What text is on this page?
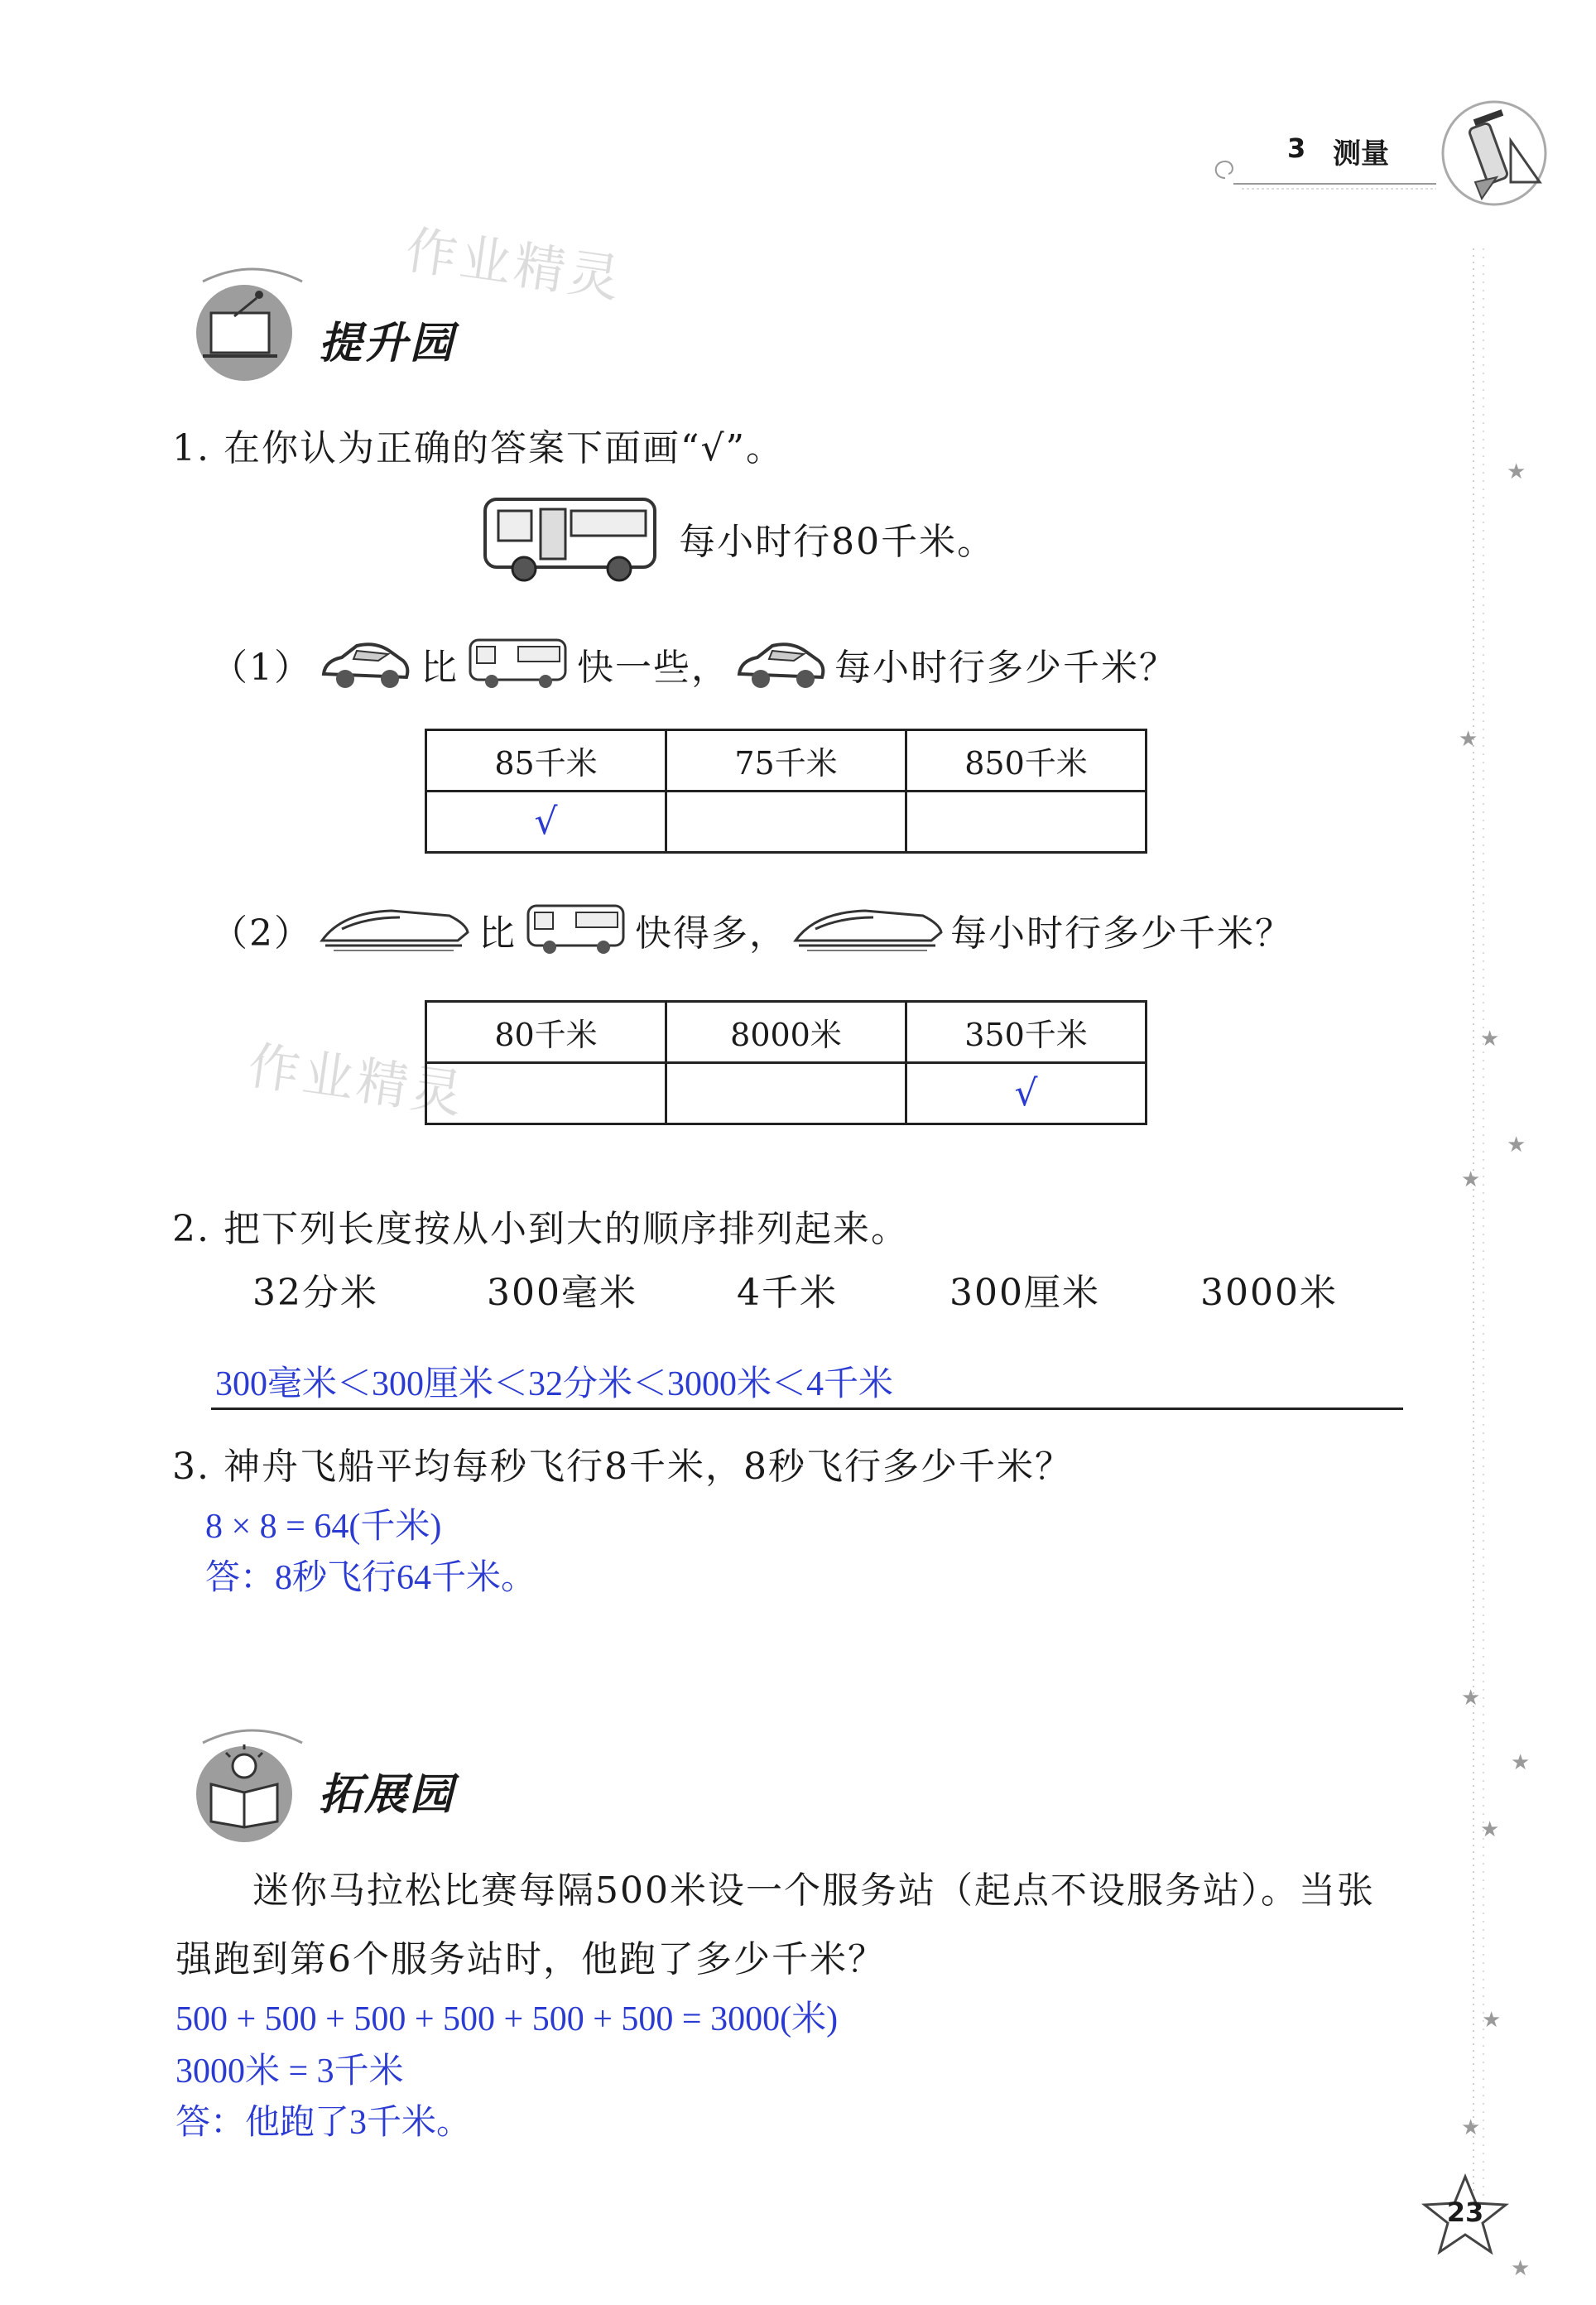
3 测量
★
★
★
★
★
★
★
★
★
★
★
作业精灵
作业精灵
提升园
1. 在你认为正确的答案下面画“√”。
每小时行80千米。
（1）	比	快一些，	每小时行多少千米？
85千米	75千米	850千米
√		
（2）	比	快得多，	每小时行多少千米？
80千米	8000米	350千米
		√
2. 把下列长度按从小到大的顺序排列起来。
32分米	300毫米	4千米	300厘米	3000米
300毫米＜300厘米＜32分米＜3000米＜4千米
3. 神舟飞船平均每秒飞行8千米，8秒飞行多少千米？
8 × 8 = 64(千米)
答：8秒飞行64千米。
拓展园
迷你马拉松比赛每隔500米设一个服务站（起点不设服务站）。当张
强跑到第6个服务站时，他跑了多少千米？
500 + 500 + 500 + 500 + 500 + 500 = 3000(米)
3000米 = 3千米
答：他跑了3千米。
23
